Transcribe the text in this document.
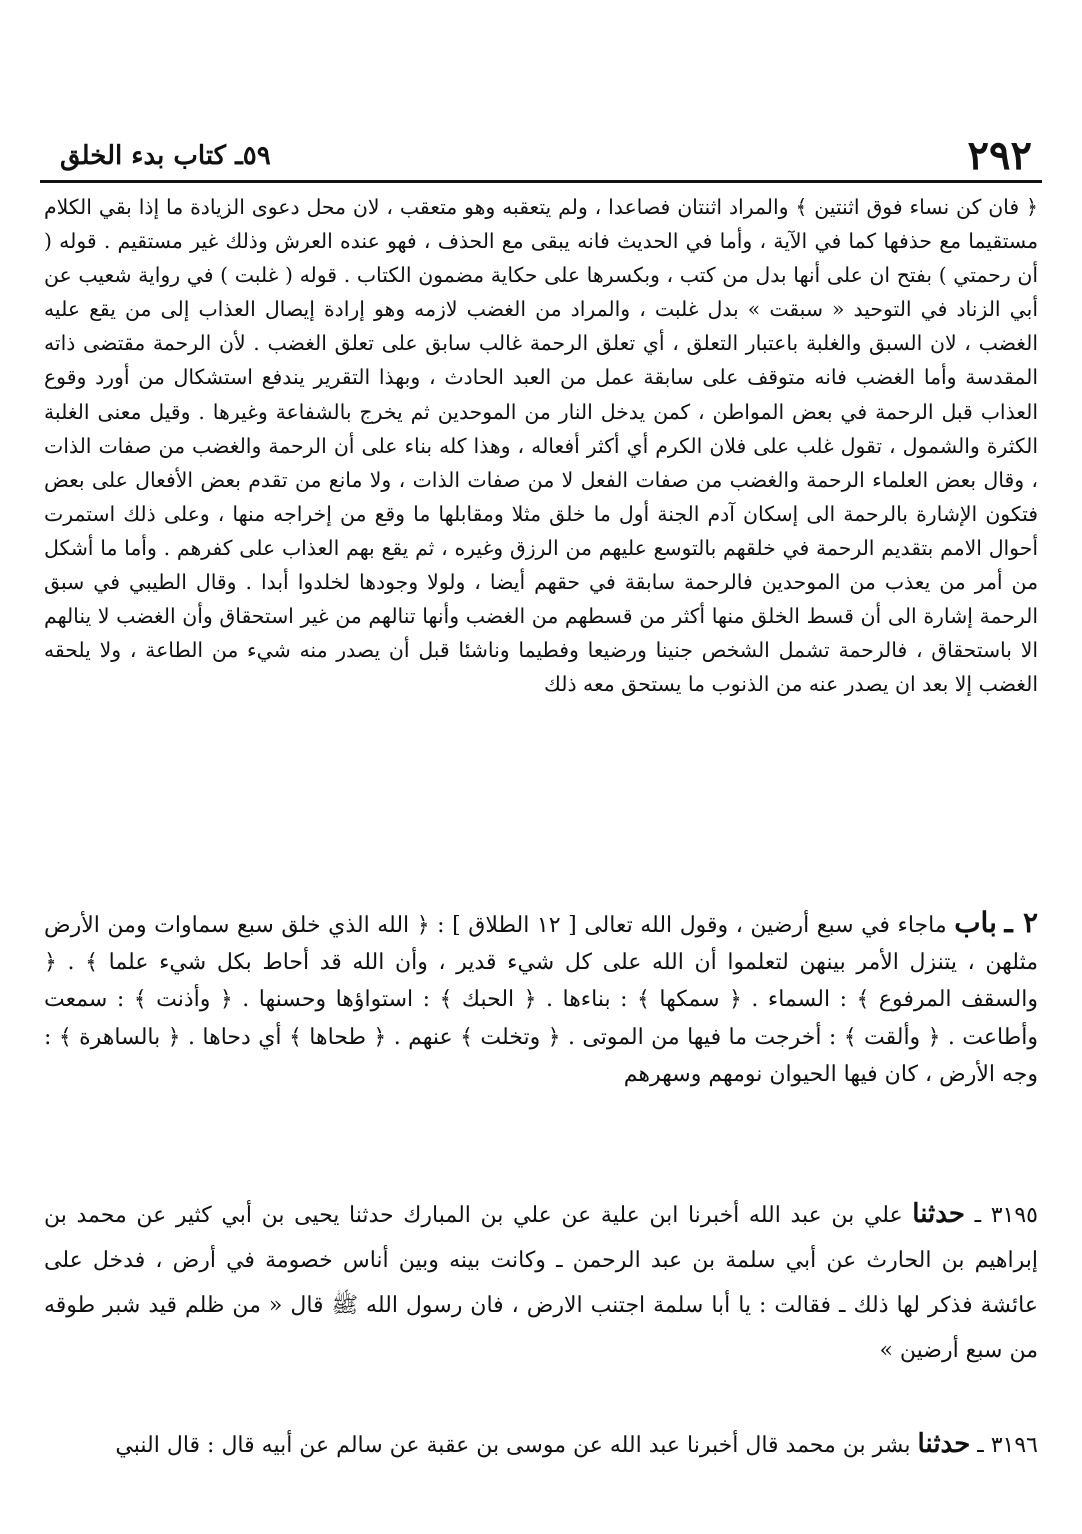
٢٩٢
٥٩ـ كتاب بدء الخلق

﴿ فان كن نساء فوق اثنتين ﴾ والمراد اثنتان فصاعدا ، ولم يتعقبه وهو متعقب ، لان محل دعوى الزيادة ما إذا بقي الكلام مستقيما مع حذفها كما في الآية ، وأما في الحديث فانه يبقى مع الحذف ، فهو عنده العرش وذلك غير مستقيم . قوله ( أن رحمتي ) بفتح ان على أنها بدل من كتب ، وبكسرها على حكاية مضمون الكتاب . قوله ( غلبت ) في رواية شعيب عن أبي الزناد في التوحيد « سبقت » بدل غلبت ، والمراد من الغضب لازمه وهو إرادة إيصال العذاب إلى من يقع عليه الغضب ، لان السبق والغلبة باعتبار التعلق ، أي تعلق الرحمة غالب سابق على تعلق الغضب . لأن الرحمة مقتضى ذاته المقدسة وأما الغضب فانه متوقف على سابقة عمل من العبد الحادث ، وبهذا التقرير يندفع استشكال من أورد وقوع العذاب قبل الرحمة في بعض المواطن ، كمن يدخل النار من الموحدين ثم يخرج بالشفاعة وغيرها . وقيل معنى الغلبة الكثرة والشمول ، تقول غلب على فلان الكرم أي أكثر أفعاله ، وهذا كله بناء على أن الرحمة والغضب من صفات الذات ، وقال بعض العلماء الرحمة والغضب من صفات الفعل لا من صفات الذات ، ولا مانع من تقدم بعض الأفعال على بعض فتكون الإشارة بالرحمة الى إسكان آدم الجنة أول ما خلق مثلا ومقابلها ما وقع من إخراجه منها ، وعلى ذلك استمرت أحوال الامم بتقديم الرحمة في خلقهم بالتوسع عليهم من الرزق وغيره ، ثم يقع بهم العذاب على كفرهم . وأما ما أشكل من أمر من يعذب من الموحدين فالرحمة سابقة في حقهم أيضا ، ولولا وجودها لخلدوا أبدا . وقال الطيبي في سبق الرحمة إشارة الى أن قسط الخلق منها أكثر من قسطهم من الغضب وأنها تنالهم من غير استحقاق وأن الغضب لا ينالهم الا باستحقاق ، فالرحمة تشمل الشخص جنينا ورضيعا وفطيما وناشئا قبل أن يصدر منه شيء من الطاعة ، ولا يلحقه الغضب إلا بعد ان يصدر عنه من الذنوب ما يستحق معه ذلك

٢ ـ باب ماجاء في سبع أرضين ، وقول الله تعالى [ ١٢ الطلاق ] : ﴿ الله الذي خلق سبع سماوات ومن الأرض مثلهن ، يتنزل الأمر بينهن لتعلموا أن الله على كل شيء قدير ، وأن الله قد أحاط بكل شيء علما ﴾ . ﴿ والسقف المرفوع ﴾ : السماء . ﴿ سمكها ﴾ : بناءها . ﴿ الحبك ﴾ : استواؤها وحسنها . ﴿ وأذنت ﴾ : سمعت وأطاعت . ﴿ وألقت ﴾ : أخرجت ما فيها من الموتى . ﴿ وتخلت ﴾ عنهم . ﴿ طحاها ﴾ أي دحاها . ﴿ بالساهرة ﴾ : وجه الأرض ، كان فيها الحيوان نومهم وسهرهم

٣١٩٥ ـ حدثنا علي بن عبد الله أخبرنا ابن علية عن علي بن المبارك حدثنا يحيى بن أبي كثير عن محمد بن إبراهيم بن الحارث عن أبي سلمة بن عبد الرحمن ـ وكانت بينه وبين أناس خصومة في أرض ، فدخل على عائشة فذكر لها ذلك ـ فقالت : يا أبا سلمة اجتنب الارض ، فان رسول الله ﷺ قال « من ظلم قيد شبر طوقه من سبع أرضين »

٣١٩٦ ـ حدثنا بشر بن محمد قال أخبرنا عبد الله عن موسى بن عقبة عن سالم عن أبيه قال : قال النبي
